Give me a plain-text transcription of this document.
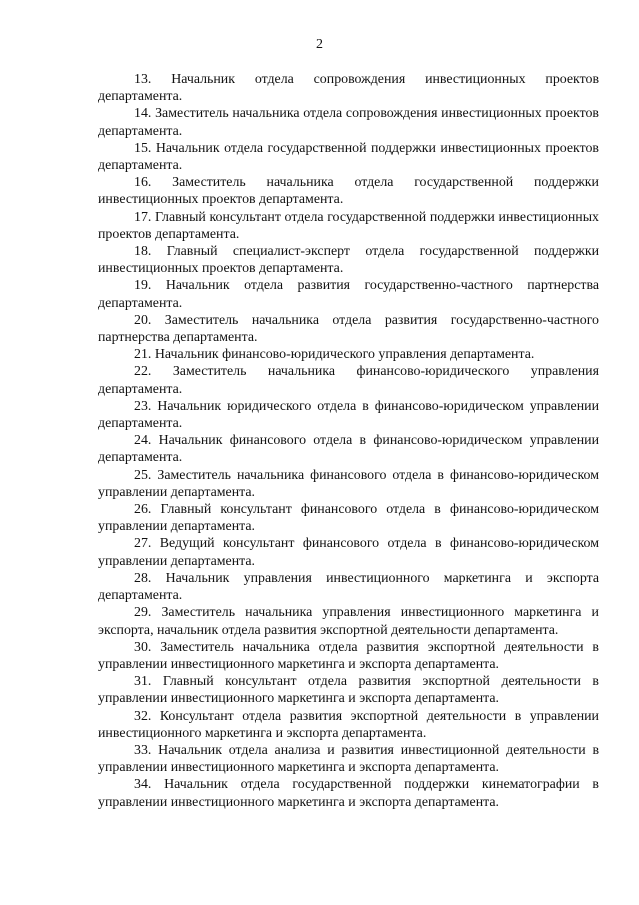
2

13. Начальник отдела сопровождения инвестиционных проектов департамента.

14. Заместитель начальника отдела сопровождения инвестиционных проектов департамента.

15. Начальник отдела государственной поддержки инвестиционных проектов департамента.

16. Заместитель начальника отдела государственной поддержки инвестиционных проектов департамента.

17. Главный консультант отдела государственной поддержки инвестиционных проектов департамента.

18. Главный специалист-эксперт отдела государственной поддержки инвестиционных проектов департамента.

19. Начальник отдела развития государственно-частного партнерства департамента.

20. Заместитель начальника отдела развития государственно-частного партнерства департамента.

21. Начальник финансово-юридического управления департамента.

22. Заместитель начальника финансово-юридического управления департамента.

23. Начальник юридического отдела в финансово-юридическом управлении департамента.

24. Начальник финансового отдела в финансово-юридическом управлении департамента.

25. Заместитель начальника финансового отдела в финансово-юридическом управлении департамента.

26. Главный консультант финансового отдела в финансово-юридическом управлении департамента.

27. Ведущий консультант финансового отдела в финансово-юридическом управлении департамента.

28. Начальник управления инвестиционного маркетинга и экспорта департамента.

29. Заместитель начальника управления инвестиционного маркетинга и экспорта, начальник отдела развития экспортной деятельности департамента.

30. Заместитель начальника отдела развития экспортной деятельности в управлении инвестиционного маркетинга и экспорта департамента.

31. Главный консультант отдела развития экспортной деятельности в управлении инвестиционного маркетинга и экспорта департамента.

32. Консультант отдела развития экспортной деятельности в управлении инвестиционного маркетинга и экспорта департамента.

33. Начальник отдела анализа и развития инвестиционной деятельности в управлении инвестиционного маркетинга и экспорта департамента.

34. Начальник отдела государственной поддержки кинематографии в управлении инвестиционного маркетинга и экспорта департамента.
